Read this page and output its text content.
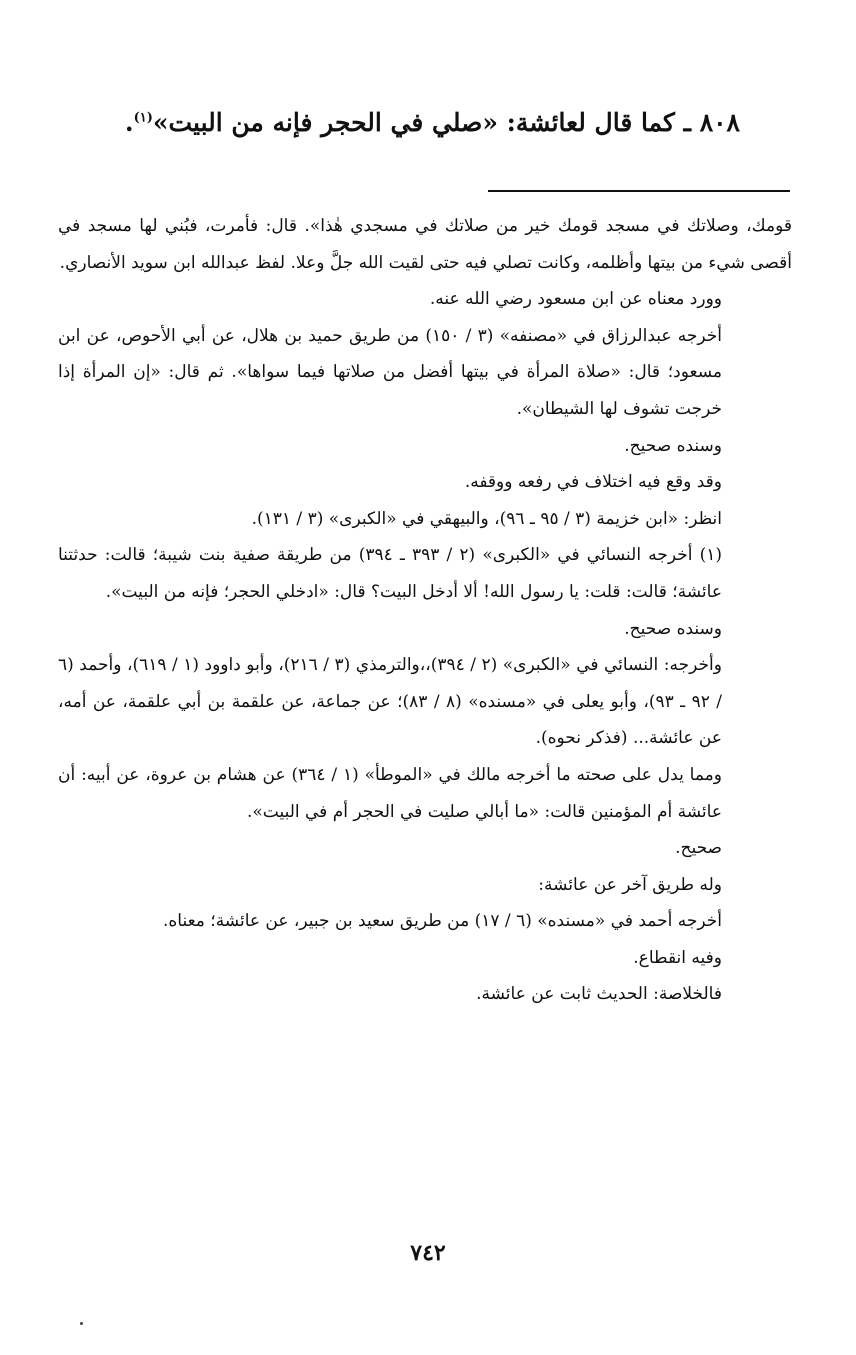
٨٠٨ ـ كما قال لعائشة: «صلي في الحجر فإنه من البيت»$^{(١)}$.

قومك، وصلاتك في مسجد قومك خير من صلاتك في مسجدي هٰذا». قال: فأمرت، فبُني لها مسجد في أقصى شيء من بيتها وأظلمه، وكانت تصلي فيه حتى لقيت الله جلَّ وعلا. لفظ عبدالله ابن سويد الأنصاري.

وورد معناه عن ابن مسعود رضي الله عنه.

أخرجه عبدالرزاق في «مصنفه» (٣ / ١٥٠) من طريق حميد بن هلال، عن أبي الأحوص، عن ابن مسعود؛ قال: «صلاة المرأة في بيتها أفضل من صلاتها فيما سواها». ثم قال: «إن المرأة إذا خرجت تشوف لها الشيطان».

وسنده صحيح.

وقد وقع فيه اختلاف في رفعه ووقفه.

انظر: «ابن خزيمة (٣ / ٩٥ ـ ٩٦)، والبيهقي في «الكبرى» (٣ / ١٣١).

(١) أخرجه النسائي في «الكبرى» (٢ / ٣٩٣ ـ ٣٩٤) من طريقة صفية بنت شيبة؛ قالت: حدثتنا عائشة؛ قالت: قلت: يا رسول الله! ألا أدخل البيت؟ قال: «ادخلي الحجر؛ فإنه من البيت».

وسنده صحيح.

وأخرجه: النسائي في «الكبرى» (٢ / ٣٩٤)،،والترمذي (٣ / ٢١٦)، وأبو داوود (١ / ٦١٩)، وأحمد (٦ / ٩٢ ـ ٩٣)، وأبو يعلى في «مسنده» (٨ / ٨٣)؛ عن جماعة، عن علقمة بن أبي علقمة، عن أمه، عن عائشة... (فذكر نحوه).

ومما يدل على صحته ما أخرجه مالك في «الموطأ» (١ / ٣٦٤) عن هشام بن عروة، عن أبيه: أن عائشة أم المؤمنين قالت: «ما أبالي صليت في الحجر أم في البيت».

صحيح.

وله طريق آخر عن عائشة:

أخرجه أحمد في «مسنده» (٦ / ١٧) من طريق سعيد بن جبير، عن عائشة؛ معناه.

وفيه انقطاع.

فالخلاصة: الحديث ثابت عن عائشة.

٧٤٢
